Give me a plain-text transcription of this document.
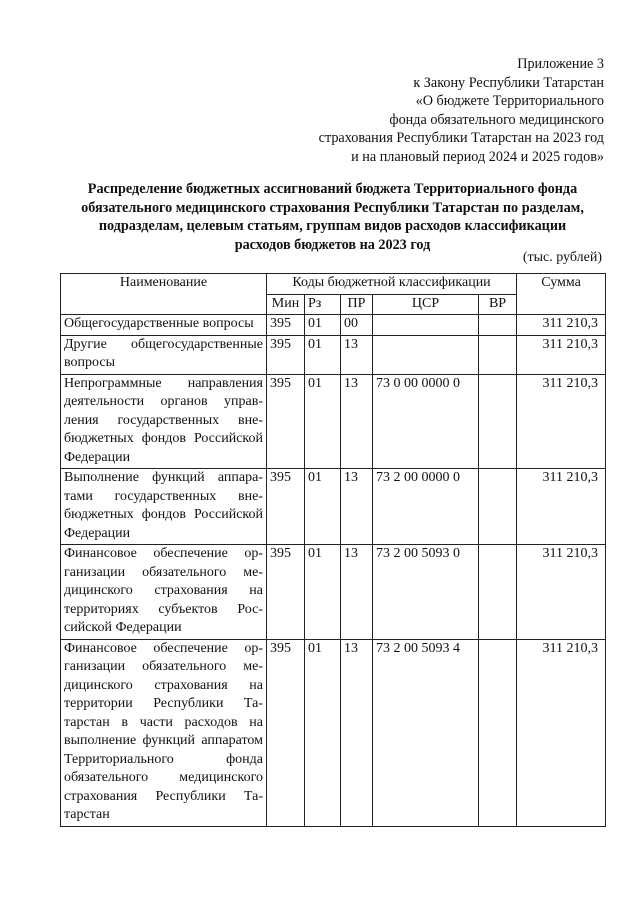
Приложение 3
к Закону Республики Татарстан
«О бюджете Территориального
фонда обязательного медицинского
страхования Республики Татарстан на 2023 год
и на плановый период 2024 и 2025 годов»
Распределение бюджетных ассигнований бюджета Территориального фонда
обязательного медицинского страхования Республики Татарстан по разделам,
подразделам, целевым статьям, группам видов расходов классификации
расходов бюджетов на 2023 год
(тыс. рублей)
Наименование	Коды бюджетной классификации					Сумма
	Мин	Рз	ПР	ЦСР	ВР	
Общегосударственные вопросы	395	01	00			311 210,3
Другие общегосударственные вопросы	395	01	13			311 210,3
Непрограммные направления деятельности органов управления государственных внебюджетных фондов Российской Федерации	395	01	13	73 0 00 0000 0		311 210,3
Выполнение функций аппаратами государственных внебюджетных фондов Российской Федерации	395	01	13	73 2 00 0000 0		311 210,3
Финансовое обеспечение организации обязательного медицинского страхования на территориях субъектов Российской Федерации	395	01	13	73 2 00 5093 0		311 210,3
Финансовое обеспечение организации обязательного медицинского страхования на территории Республики Татарстан в части расходов на выполнение функций аппаратом Территориального фонда обязательного медицинского страхования Республики Татарстан	395	01	13	73 2 00 5093 4		311 210,3
